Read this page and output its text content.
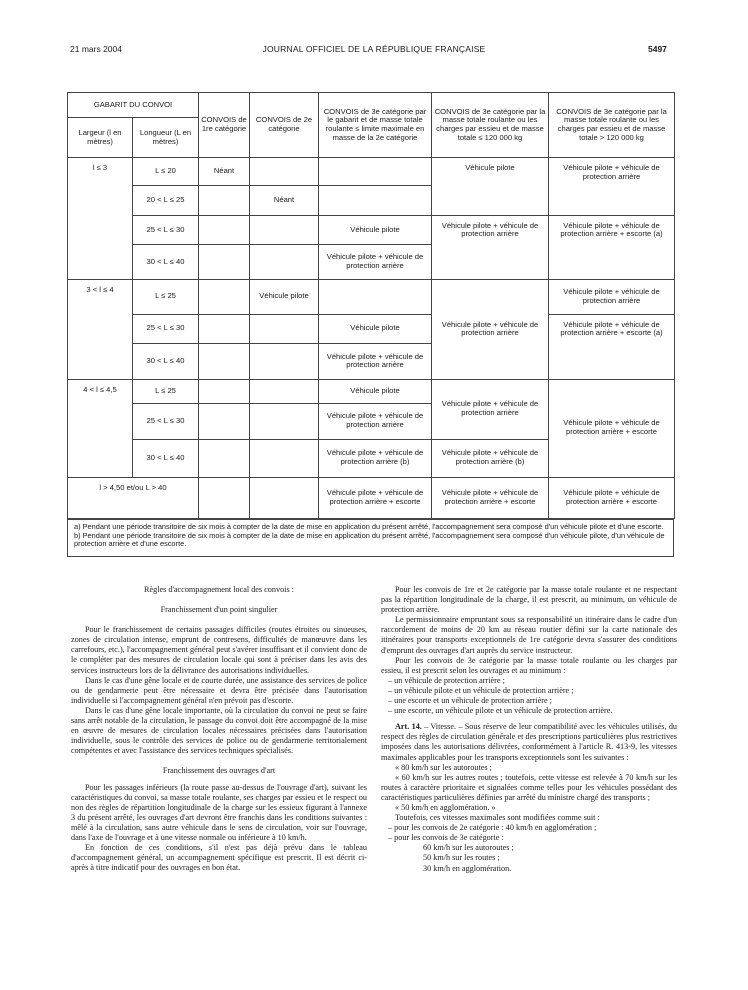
21 mars 2004	JOURNAL OFFICIEL DE LA RÉPUBLIQUE FRANÇAISE	5497
GABARIT DU CONVOI		CONVOIS de 1re catégorie	CONVOIS de 2e catégorie	CONVOIS de 3e catégorie par le gabarit et de masse totale roulante ≤ limite maximale en masse de la 2e catégorie	CONVOIS de 3e catégorie par la masse totale roulante ou les charges par essieu et de masse totale ≤ 120 000 kg	CONVOIS de 3e catégorie par la masse totale roulante ou les charges par essieu et de masse totale > 120 000 kg
Largeur (l en mètres)	Longueur (L en mètres)					
l ≤ 3	L ≤ 20	Néant			Véhicule pilote	Véhicule pilote + véhicule de protection arrière
	20 < L ≤ 25		Néant			
	25 < L ≤ 30			Véhicule pilote	Véhicule pilote + véhicule de protection arrière	Véhicule pilote + véhicule de protection arrière + escorte (a)
	30 < L ≤ 40			Véhicule pilote + véhicule de protection arrière		
3 < l ≤ 4	L ≤ 25		Véhicule pilote		Véhicule pilote + véhicule de protection arrière	Véhicule pilote + véhicule de protection arrière
	25 < L ≤ 30			Véhicule pilote		Véhicule pilote + véhicule de protection arrière + escorte (a)
	30 < L ≤ 40			Véhicule pilote + véhicule de protection arrière		
4 < l ≤ 4,5	L ≤ 25			Véhicule pilote	Véhicule pilote + véhicule de protection arrière	Véhicule pilote + véhicule de protection arrière + escorte
	25 < L ≤ 30			Véhicule pilote + véhicule de protection arrière		
	30 < L ≤ 40			Véhicule pilote + véhicule de protection arrière (b)	Véhicule pilote + véhicule de protection arrière (b)	
l > 4,50 et/ou L > 40				Véhicule pilote + véhicule de protection arrière + escorte	Véhicule pilote + véhicule de protection arrière + escorte	Véhicule pilote + véhicule de protection arrière + escorte

a) Pendant une période transitoire de six mois à compter de la date de mise en application du présent arrêté, l'accompagnement sera composé d'un véhicule pilote et d'une escorte.

b) Pendant une période transitoire de six mois à compter de la date de mise en application du présent arrêté, l'accompagnement sera composé d'un véhicule pilote, d'un véhicule de protection arrière et d'une escorte.

Règles d'accompagnement local des convois :

Franchissement d'un point singulier

Pour le franchissement de certains passages difficiles (routes étroites ou sinueuses, zones de circulation intense, emprunt de contresens, difficultés de manœuvre dans les carrefours, etc.), l'accompagnement général peut s'avérer insuffisant et il convient donc de le compléter par des mesures de circulation locale qui sont à préciser dans les avis des services instructeurs lors de la délivrance des autorisations individuelles.

Dans le cas d'une gêne locale et de courte durée, une assistance des services de police ou de gendarmerie peut être nécessaire et devra être précisée dans l'autorisation individuelle si l'accompagnement général n'en prévoit pas d'escorte.

Dans le cas d'une gêne locale importante, où la circulation du convoi ne peut se faire sans arrêt notable de la circulation, le passage du convoi doit être accompagné de la mise en œuvre de mesures de circulation locales nécessaires précisées dans l'autorisation individuelle, sous le contrôle des services de police ou de gendarmerie territorialement compétentes et avec l'assistance des services techniques spécialisés.

Franchissement des ouvrages d'art

Pour les passages inférieurs (la route passe au-dessus de l'ouvrage d'art), suivant les caractéristiques du convoi, sa masse totale roulante, ses charges par essieu et le respect ou non des règles de répartition longitudinale de la charge sur les essieux figurant à l'annexe 3 du présent arrêté, les ouvrages d'art devront être franchis dans les conditions suivantes : mêlé à la circulation, sans autre véhicule dans le sens de circulation, voir sur l'ouvrage, dans l'axe de l'ouvrage et à une vitesse normale ou inférieure à 10 km/h.

En fonction de ces conditions, s'il n'est pas déjà prévu dans le tableau d'accompagnement général, un accompagnement spécifique est prescrit. Il est décrit ci-après à titre indicatif pour des ouvrages en bon état.

Pour les convois de 1re et 2e catégorie par la masse totale roulante et ne respectant pas la répartition longitudinale de la charge, il est prescrit, au minimum, un véhicule de protection arrière.

Le permissionnaire empruntant sous sa responsabilité un itinéraire dans le cadre d'un raccordement de moins de 20 km au réseau routier défini sur la carte nationale des itinéraires pour transports exceptionnels de 1re catégorie devra s'assurer des conditions d'emprunt des ouvrages d'art auprès du service instructeur.

Pour les convois de 3e catégorie par la masse totale roulante ou les charges par essieu, il est prescrit selon les ouvrages et au minimum :

– un véhicule de protection arrière ;

– un véhicule pilote et un véhicule de protection arrière ;

– une escorte et un véhicule de protection arrière ;

– une escorte, un véhicule pilote et un véhicule de protection arrière.

Art. 14. – Vitesse. – Sous réserve de leur compatibilité avec les véhicules utilisés, du respect des règles de circulation générale et des prescriptions particulières plus restrictives imposées dans les autorisations délivrées, conformément à l'article R. 413-9, les vitesses maximales applicables pour les transports exceptionnels sont les suivantes :

« 80 km/h sur les autoroutes ;

« 60 km/h sur les autres routes ; toutefois, cette vitesse est relevée à 70 km/h sur les routes à caractère prioritaire et signalées comme telles pour les véhicules possédant des caractéristiques particulières définies par arrêté du ministre chargé des transports ;

« 50 km/h en agglomération. »

Toutefois, ces vitesses maximales sont modifiées comme suit :

– pour les convois de 2e catégorie : 40 km/h en agglomération ;

– pour les convois de 3e catégorie :

60 km/h sur les autoroutes ;

50 km/h sur les routes ;

30 km/h en agglomération.
